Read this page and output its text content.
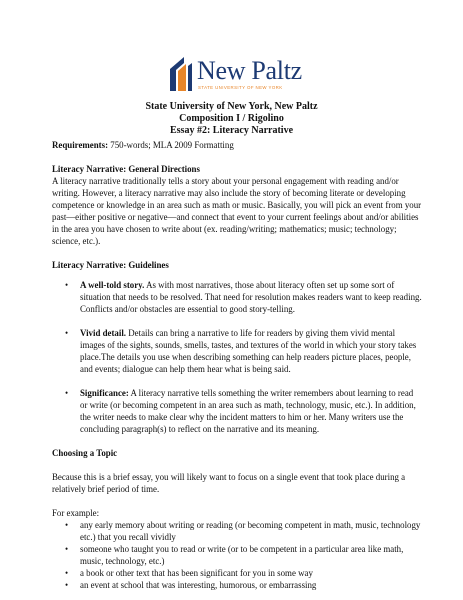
New Paltz
STATE UNIVERSITY OF NEW YORK
State University of New York, New Paltz
Composition I / Rigolino
Essay #2: Literacy Narrative

Requirements: 750-words; MLA 2009 Formatting

Literacy Narrative: General Directions

A literacy narrative traditionally tells a story about your personal engagement with reading and/or writing. However, a literacy narrative may also include the story of becoming literate or developing competence or knowledge in an area such as math or music. Basically, you will pick an event from your past—either positive or negative—and connect that event to your current feelings about and/or abilities in the area you have chosen to write about (ex. reading/writing; mathematics; music; technology; science, etc.).

Literacy Narrative: Guidelines

• A well-told story. As with most narratives, those about literacy often set up some sort of situation that needs to be resolved. That need for resolution makes readers want to keep reading. Conflicts and/or obstacles are essential to good story-telling.
• Vivid detail. Details can bring a narrative to life for readers by giving them vivid mental images of the sights, sounds, smells, tastes, and textures of the world in which your story takes place.The details you use when describing something can help readers picture places, people, and events; dialogue can help them hear what is being said.
• Significance: A literacy narrative tells something the writer remembers about learning to read or write (or becoming competent in an area such as math, technology, music, etc.). In addition, the writer needs to make clear why the incident matters to him or her. Many writers use the concluding paragraph(s) to reflect on the narrative and its meaning.

Choosing a Topic

Because this is a brief essay, you will likely want to focus on a single event that took place during a relatively brief period of time.

For example:

• any early memory about writing or reading (or becoming competent in math, music, technology etc.) that you recall vividly
• someone who taught you to read or write (or to be competent in a particular area like math, music, technology, etc.)
• a book or other text that has been significant for you in some way
• an event at school that was interesting, humorous, or embarrassing
